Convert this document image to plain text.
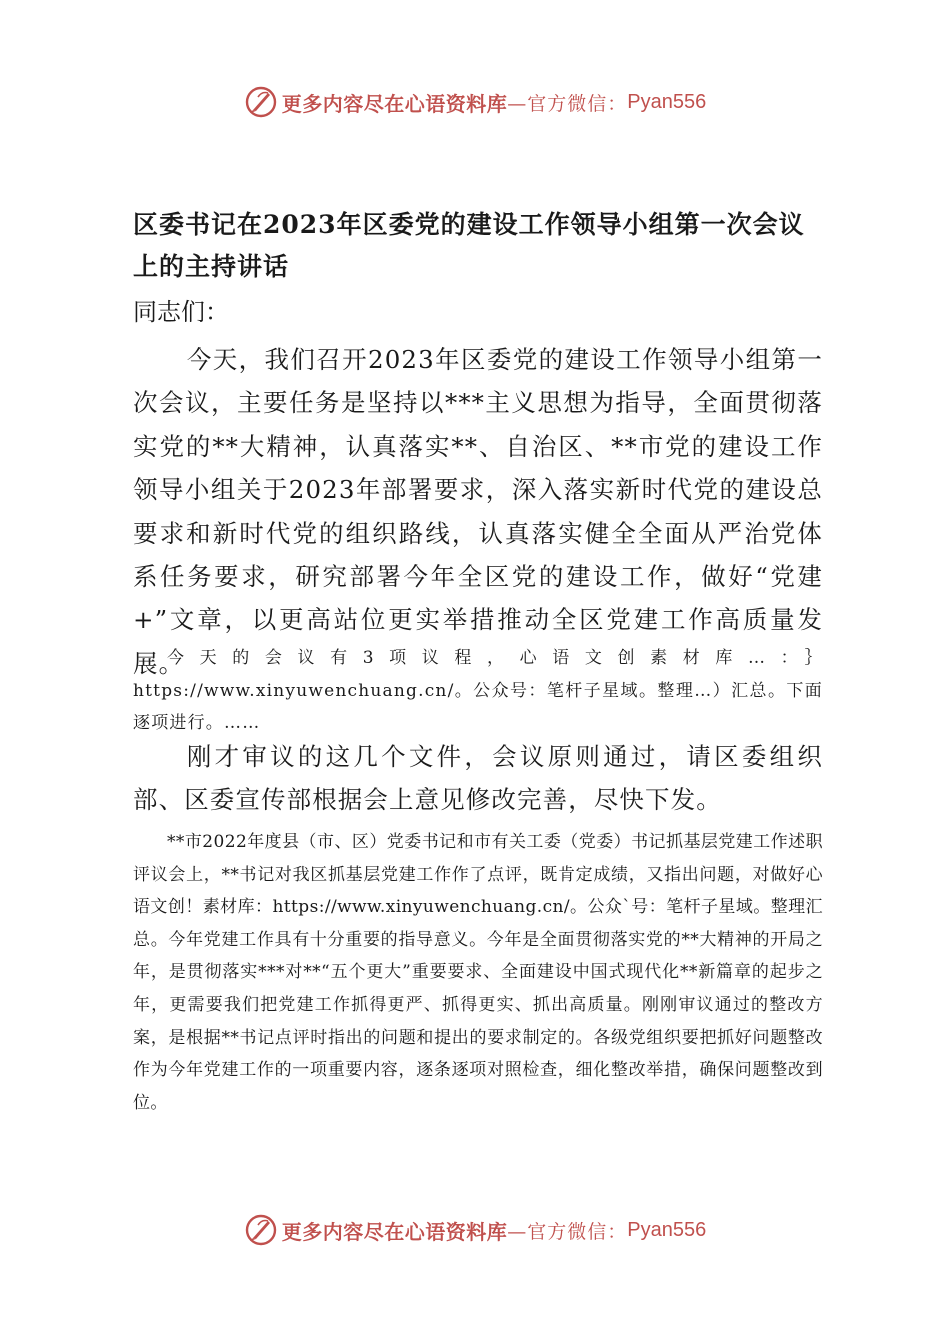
更多内容尽在心语资料库 —官方微信： Pyan556
区委书记在2023年区委党的建设工作领导小组第一次会议上的主持讲话
同志们：

今天，我们召开2023年区委党的建设工作领导小组第一次会议，主要任务是坚持以***主义思想为指导，全面贯彻落实党的**大精神，认真落实**、自治区、**市党的建设工作领导小组关于2023年部署要求，深入落实新时代党的建设总要求和新时代党的组织路线，认真落实健全全面从严治党体系任务要求，研究部署今年全区党的建设工作，做好“党建+”文章，以更高站位更实举措推动全区党建工作高质量发展。

今天的会议有3项议程，心语文创素材库…：｝https://www.xinyuwenchuang.cn/。公众号：笔杆子星域。整理…）汇总。下面逐项进行。……

刚才审议的这几个文件，会议原则通过，请区委组织部、区委宣传部根据会上意见修改完善，尽快下发。

**市2022年度县（市、区）党委书记和市有关工委（党委）书记抓基层党建工作述职评议会上，**书记对我区抓基层党建工作作了点评，既肯定成绩，又指出问题，对做好心语文创！素材库：https://www.xinyuwenchuang.cn/。公众`号：笔杆子星域。整理汇总。今年党建工作具有十分重要的指导意义。今年是全面贯彻落实党的**大精神的开局之年，是贯彻落实***对**“五个更大”重要要求、全面建设中国式现代化**新篇章的起步之年，更需要我们把党建工作抓得更严、抓得更实、抓出高质量。刚刚审议通过的整改方案，是根据**书记点评时指出的问题和提出的要求制定的。各级党组织要把抓好问题整改作为今年党建工作的一项重要内容，逐条逐项对照检查，细化整改举措，确保问题整改到位。

更多内容尽在心语资料库 —官方微信： Pyan556
